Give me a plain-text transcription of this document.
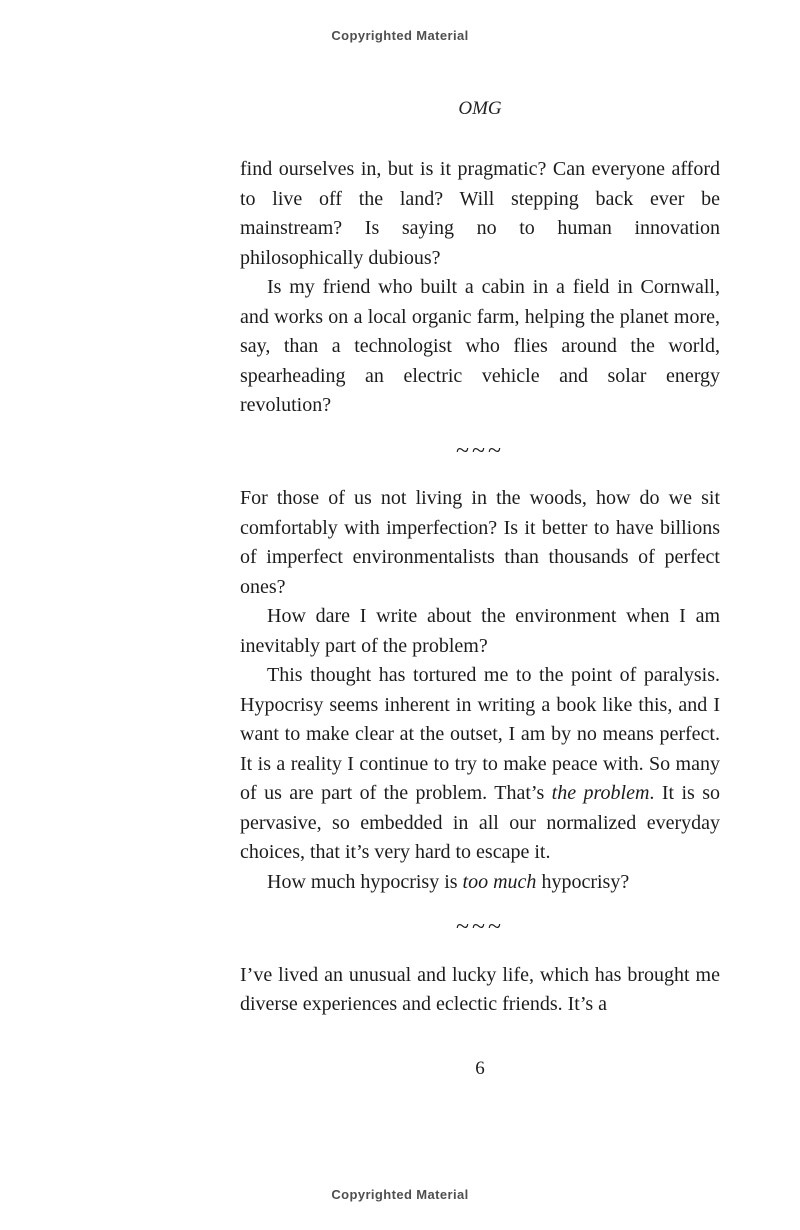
Copyrighted Material
OMG

find ourselves in, but is it pragmatic? Can everyone afford to live off the land? Will stepping back ever be mainstream? Is saying no to human innovation philosophically dubious?

Is my friend who built a cabin in a field in Cornwall, and works on a local organic farm, helping the planet more, say, than a technologist who flies around the world, spearheading an electric vehicle and solar energy revolution?

~~~

For those of us not living in the woods, how do we sit comfortably with imperfection? Is it better to have billions of imperfect environmentalists than thousands of perfect ones?

How dare I write about the environment when I am inevitably part of the problem?

This thought has tortured me to the point of paralysis. Hypocrisy seems inherent in writing a book like this, and I want to make clear at the outset, I am by no means perfect. It is a reality I continue to try to make peace with. So many of us are part of the problem. That’s the problem. It is so pervasive, so embedded in all our normalized everyday choices, that it’s very hard to escape it.

How much hypocrisy is too much hypocrisy?

~~~

I’ve lived an unusual and lucky life, which has brought me diverse experiences and eclectic friends. It’s a

6
Copyrighted Material
